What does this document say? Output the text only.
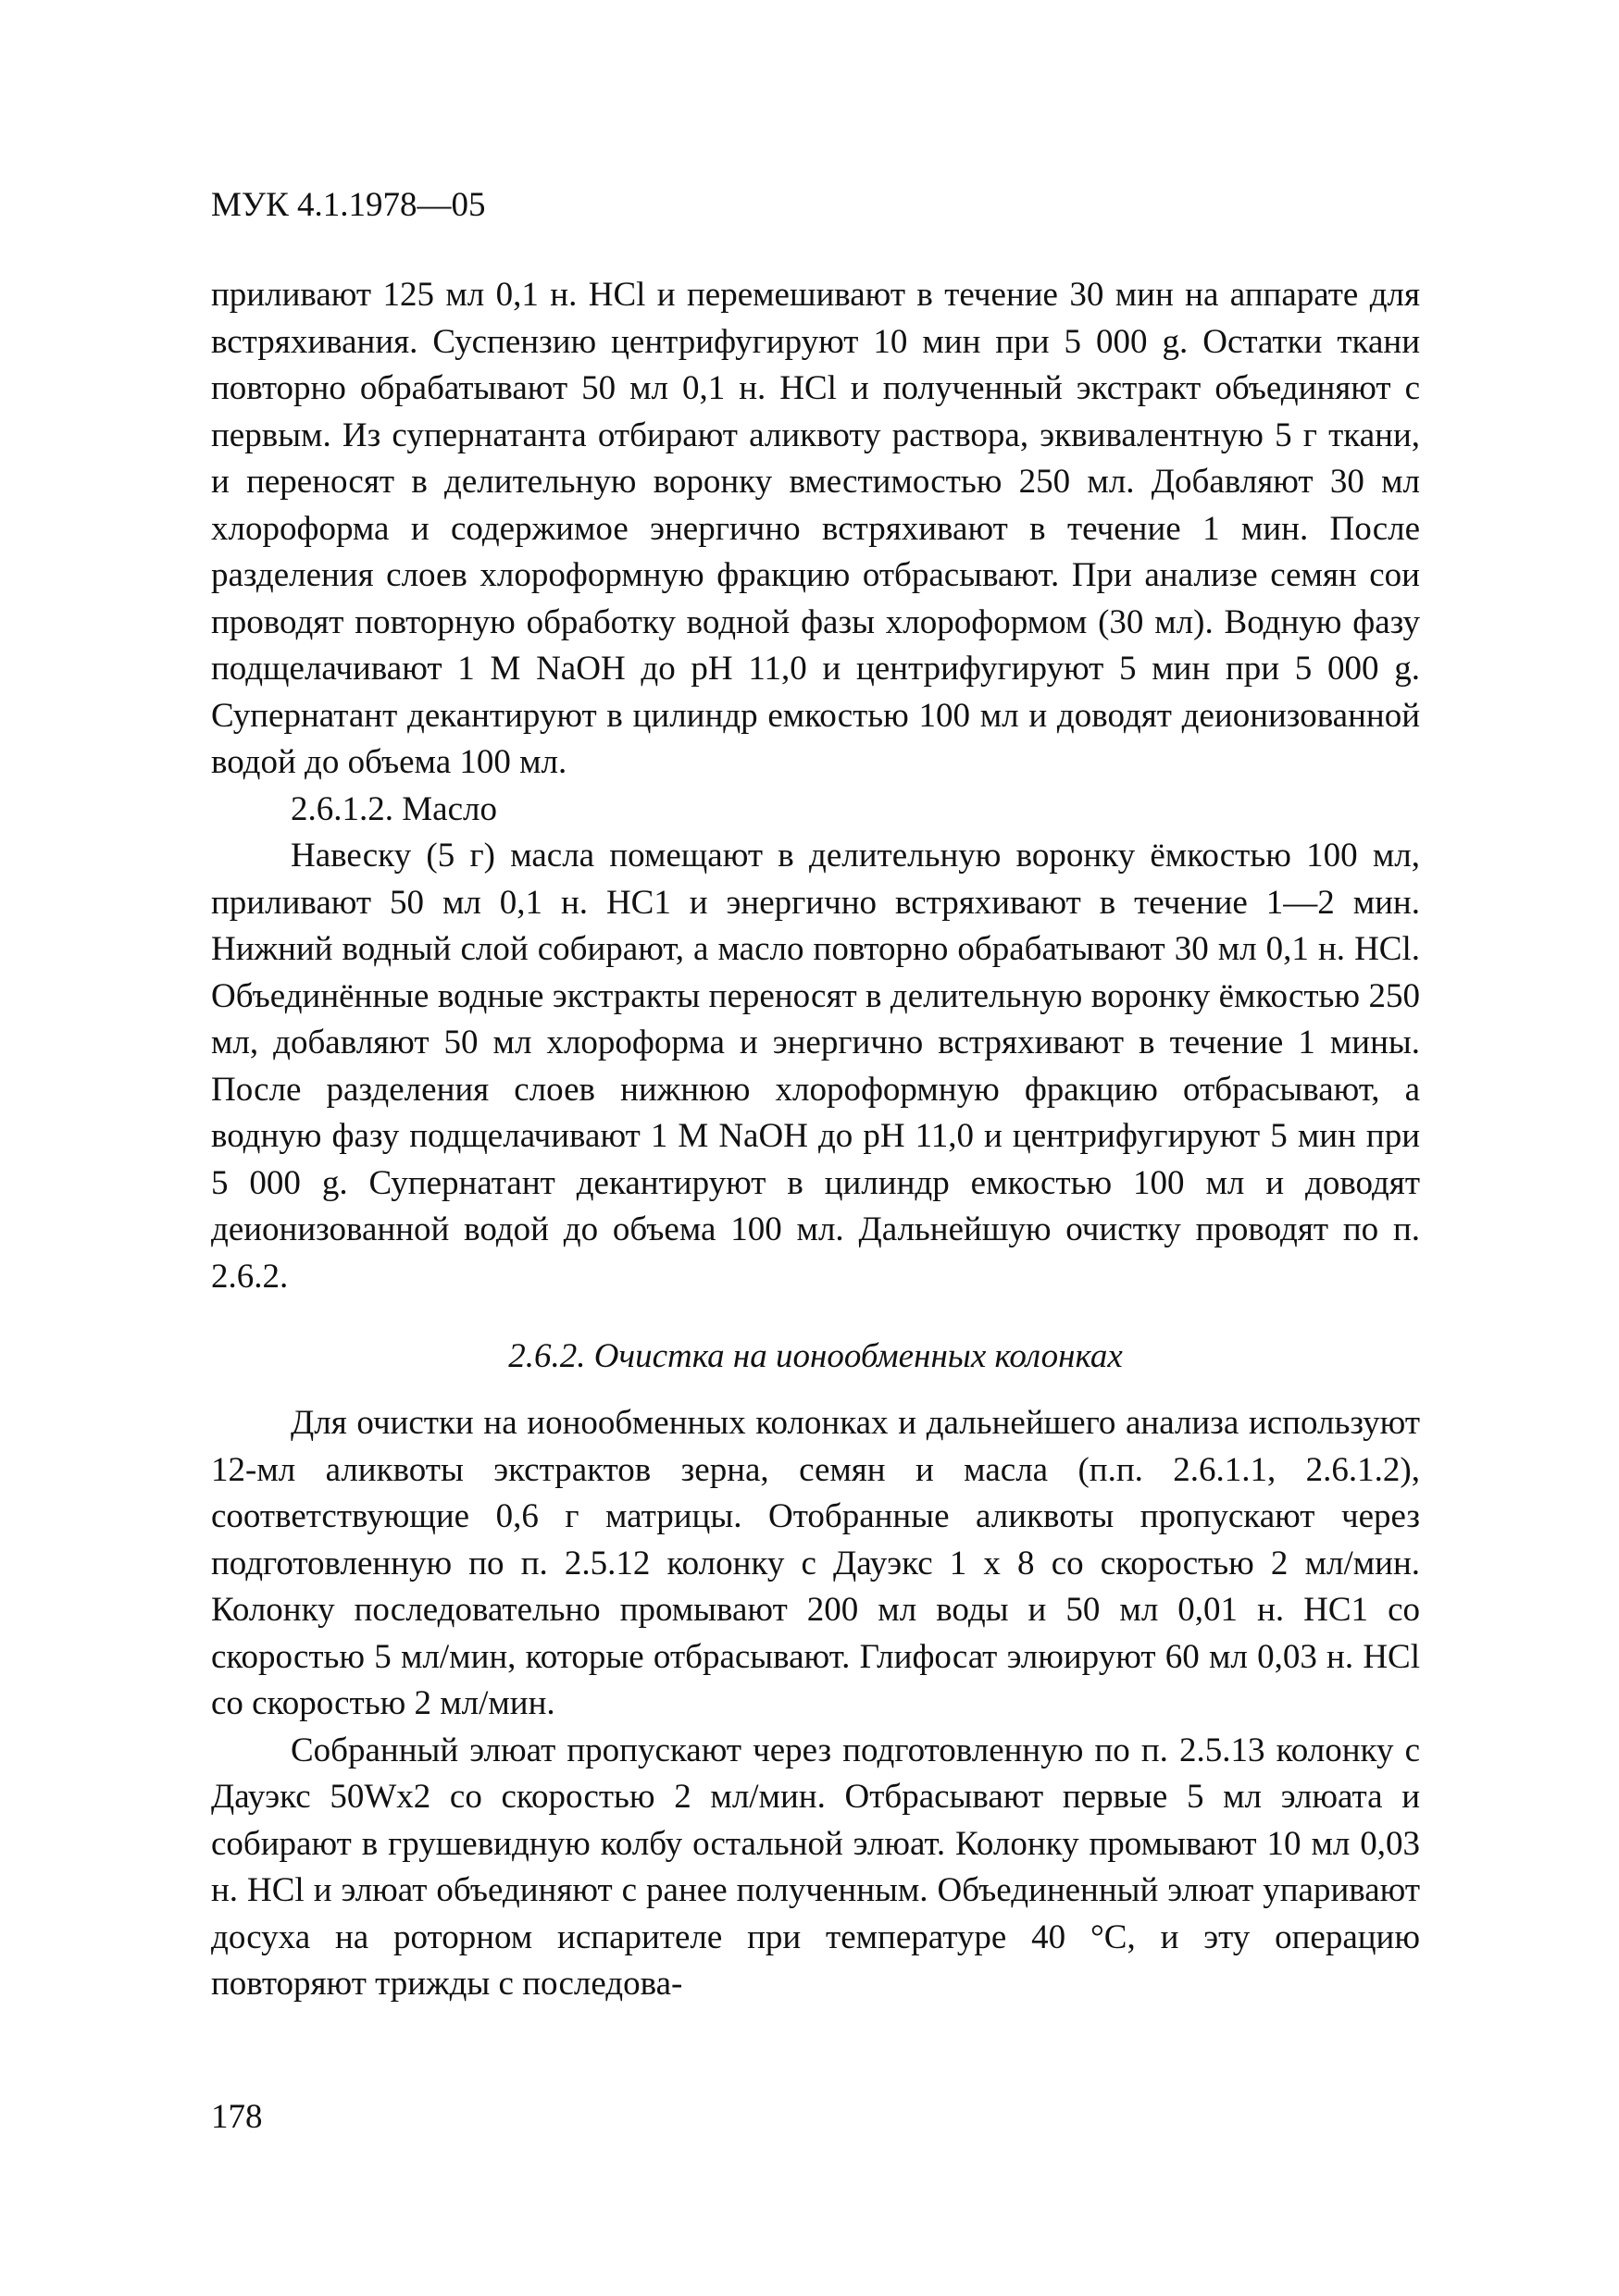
МУК 4.1.1978—05

приливают 125 мл 0,1 н. HCl и перемешивают в течение 30 мин на аппарате для встряхивания. Суспензию центрифугируют 10 мин при 5 000 g. Остатки ткани повторно обрабатывают 50 мл 0,1 н. HCl и полученный экстракт объединяют с первым. Из супернатанта отбирают аликвоту раствора, эквивалентную 5 г ткани, и переносят в делительную воронку вместимостью 250 мл. Добавляют 30 мл хлороформа и содержимое энергично встряхивают в течение 1 мин. После разделения слоев хлороформную фракцию отбрасывают. При анализе семян сои проводят повторную обработку водной фазы хлороформом (30 мл). Водную фазу подщелачивают 1 М NaOH до pH 11,0 и центрифугируют 5 мин при 5 000 g. Супернатант декантируют в цилиндр емкостью 100 мл и доводят деионизованной водой до объема 100 мл.

2.6.1.2. Масло

Навеску (5 г) масла помещают в делительную воронку ёмкостью 100 мл, приливают 50 мл 0,1 н. НС1 и энергично встряхивают в течение 1—2 мин. Нижний водный слой собирают, а масло повторно обрабатывают 30 мл 0,1 н. HCl. Объединённые водные экстракты переносят в делительную воронку ёмкостью 250 мл, добавляют 50 мл хлороформа и энергично встряхивают в течение 1 мины. После разделения слоев нижнюю хлороформную фракцию отбрасывают, а водную фазу подщелачивают 1 М NaOH до pH 11,0 и центрифугируют 5 мин при 5 000 g. Супернатант декантируют в цилиндр емкостью 100 мл и доводят деионизованной водой до объема 100 мл. Дальнейшую очистку проводят по п. 2.6.2.

2.6.2. Очистка на ионообменных колонках

Для очистки на ионообменных колонках и дальнейшего анализа используют 12-мл аликвоты экстрактов зерна, семян и масла (п.п. 2.6.1.1, 2.6.1.2), соответствующие 0,6 г матрицы. Отобранные аликвоты пропускают через подготовленную по п. 2.5.12 колонку с Дауэкс 1 x 8 со скоростью 2 мл/мин. Колонку последовательно промывают 200 мл воды и 50 мл 0,01 н. НС1 со скоростью 5 мл/мин, которые отбрасывают. Глифосат элюируют 60 мл 0,03 н. HCl со скоростью 2 мл/мин.

Собранный элюат пропускают через подготовленную по п. 2.5.13 колонку с Дауэкс 50Wx2 со скоростью 2 мл/мин. Отбрасывают первые 5 мл элюата и собирают в грушевидную колбу остальной элюат. Колонку промывают 10 мл 0,03 н. HCl и элюат объединяют с ранее полученным. Объединенный элюат упаривают досуха на роторном испарителе при температуре 40 °С, и эту операцию повторяют трижды с последова-

178
